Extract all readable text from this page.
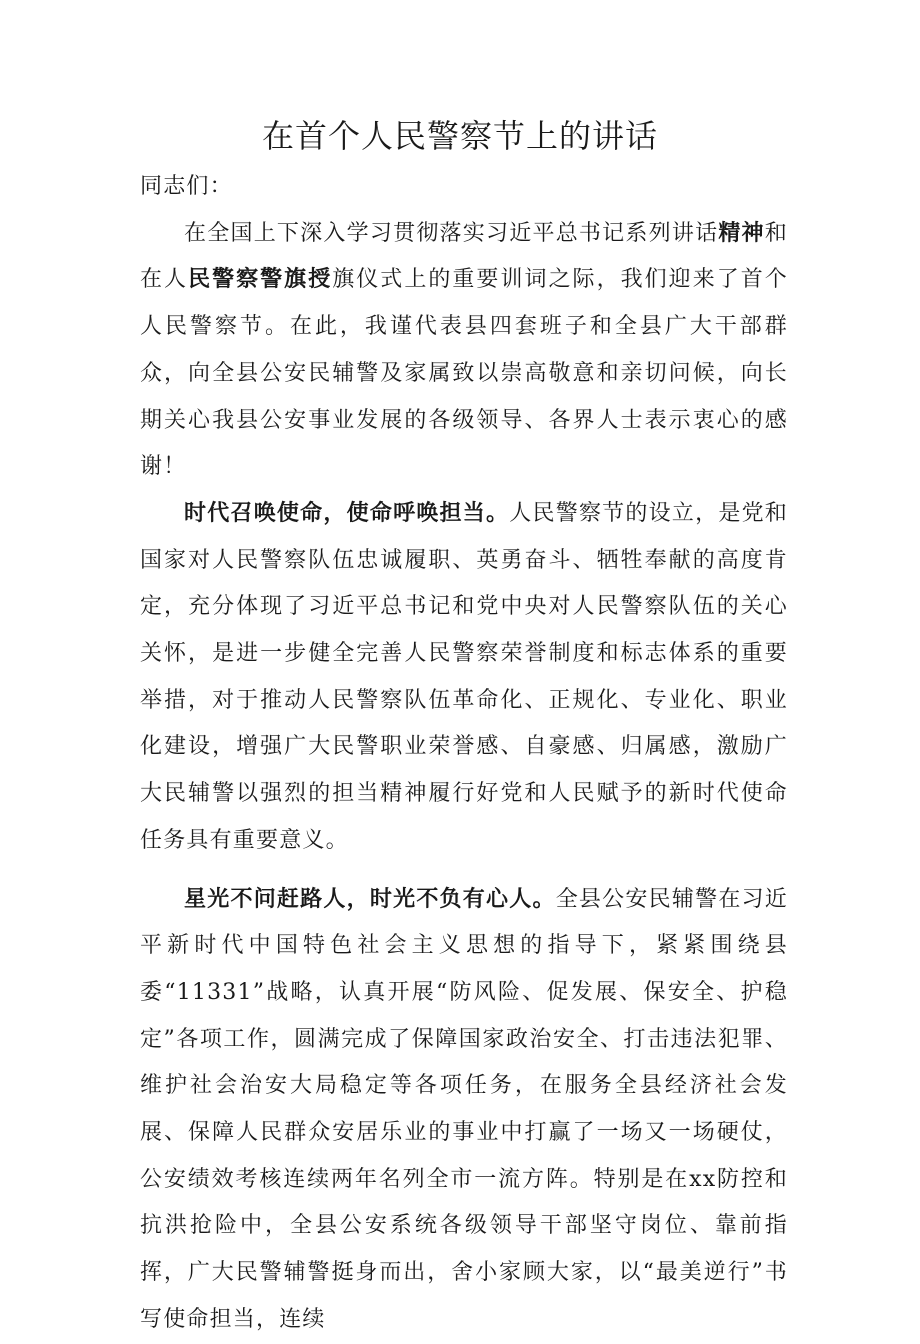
在首个人民警察节上的讲话

同志们：

在全国上下深入学习贯彻落实习近平总书记系列讲话精神和在人民警察警旗授旗仪式上的重要训词之际，我们迎来了首个人民警察节。在此，我谨代表县四套班子和全县广大干部群众，向全县公安民辅警及家属致以崇高敬意和亲切问候，向长期关心我县公安事业发展的各级领导、各界人士表示衷心的感谢！

时代召唤使命，使命呼唤担当。人民警察节的设立，是党和国家对人民警察队伍忠诚履职、英勇奋斗、牺牲奉献的高度肯定，充分体现了习近平总书记和党中央对人民警察队伍的关心关怀，是进一步健全完善人民警察荣誉制度和标志体系的重要举措，对于推动人民警察队伍革命化、正规化、专业化、职业化建设，增强广大民警职业荣誉感、自豪感、归属感，激励广大民辅警以强烈的担当精神履行好党和人民赋予的新时代使命任务具有重要意义。

星光不问赶路人，时光不负有心人。全县公安民辅警在习近平新时代中国特色社会主义思想的指导下，紧紧围绕县委“11331”战略，认真开展“防风险、促发展、保安全、护稳定”各项工作，圆满完成了保障国家政治安全、打击违法犯罪、维护社会治安大局稳定等各项任务，在服务全县经济社会发展、保障人民群众安居乐业的事业中打赢了一场又一场硬仗，公安绩效考核连续两年名列全市一流方阵。特别是在xx防控和抗洪抢险中，全县公安系统各级领导干部坚守岗位、靠前指挥，广大民警辅警挺身而出，舍小家顾大家，以“最美逆行”书写使命担当，连续
